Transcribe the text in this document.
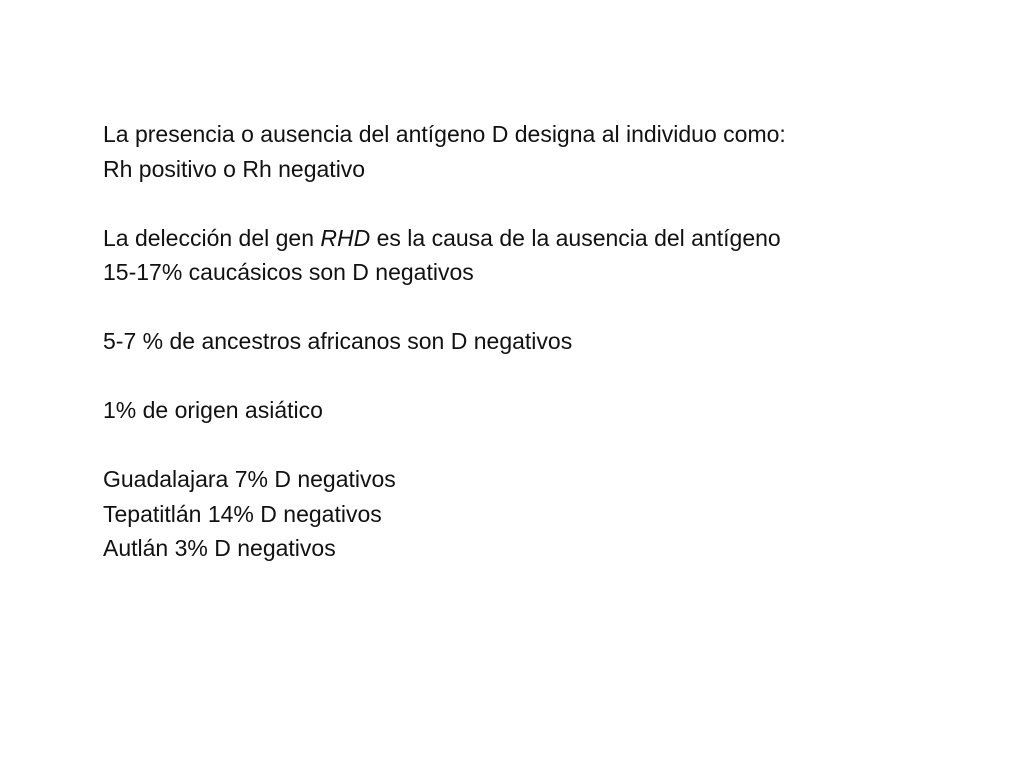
La presencia o ausencia del antígeno D designa al individuo como:
Rh positivo o Rh negativo
La delección del gen RHD es la causa de la ausencia del antígeno
15-17% caucásicos son D negativos
5-7 % de ancestros africanos son D negativos
1% de origen asiático
Guadalajara 7% D negativos
Tepatitlán 14% D negativos
Autlán 3% D negativos
